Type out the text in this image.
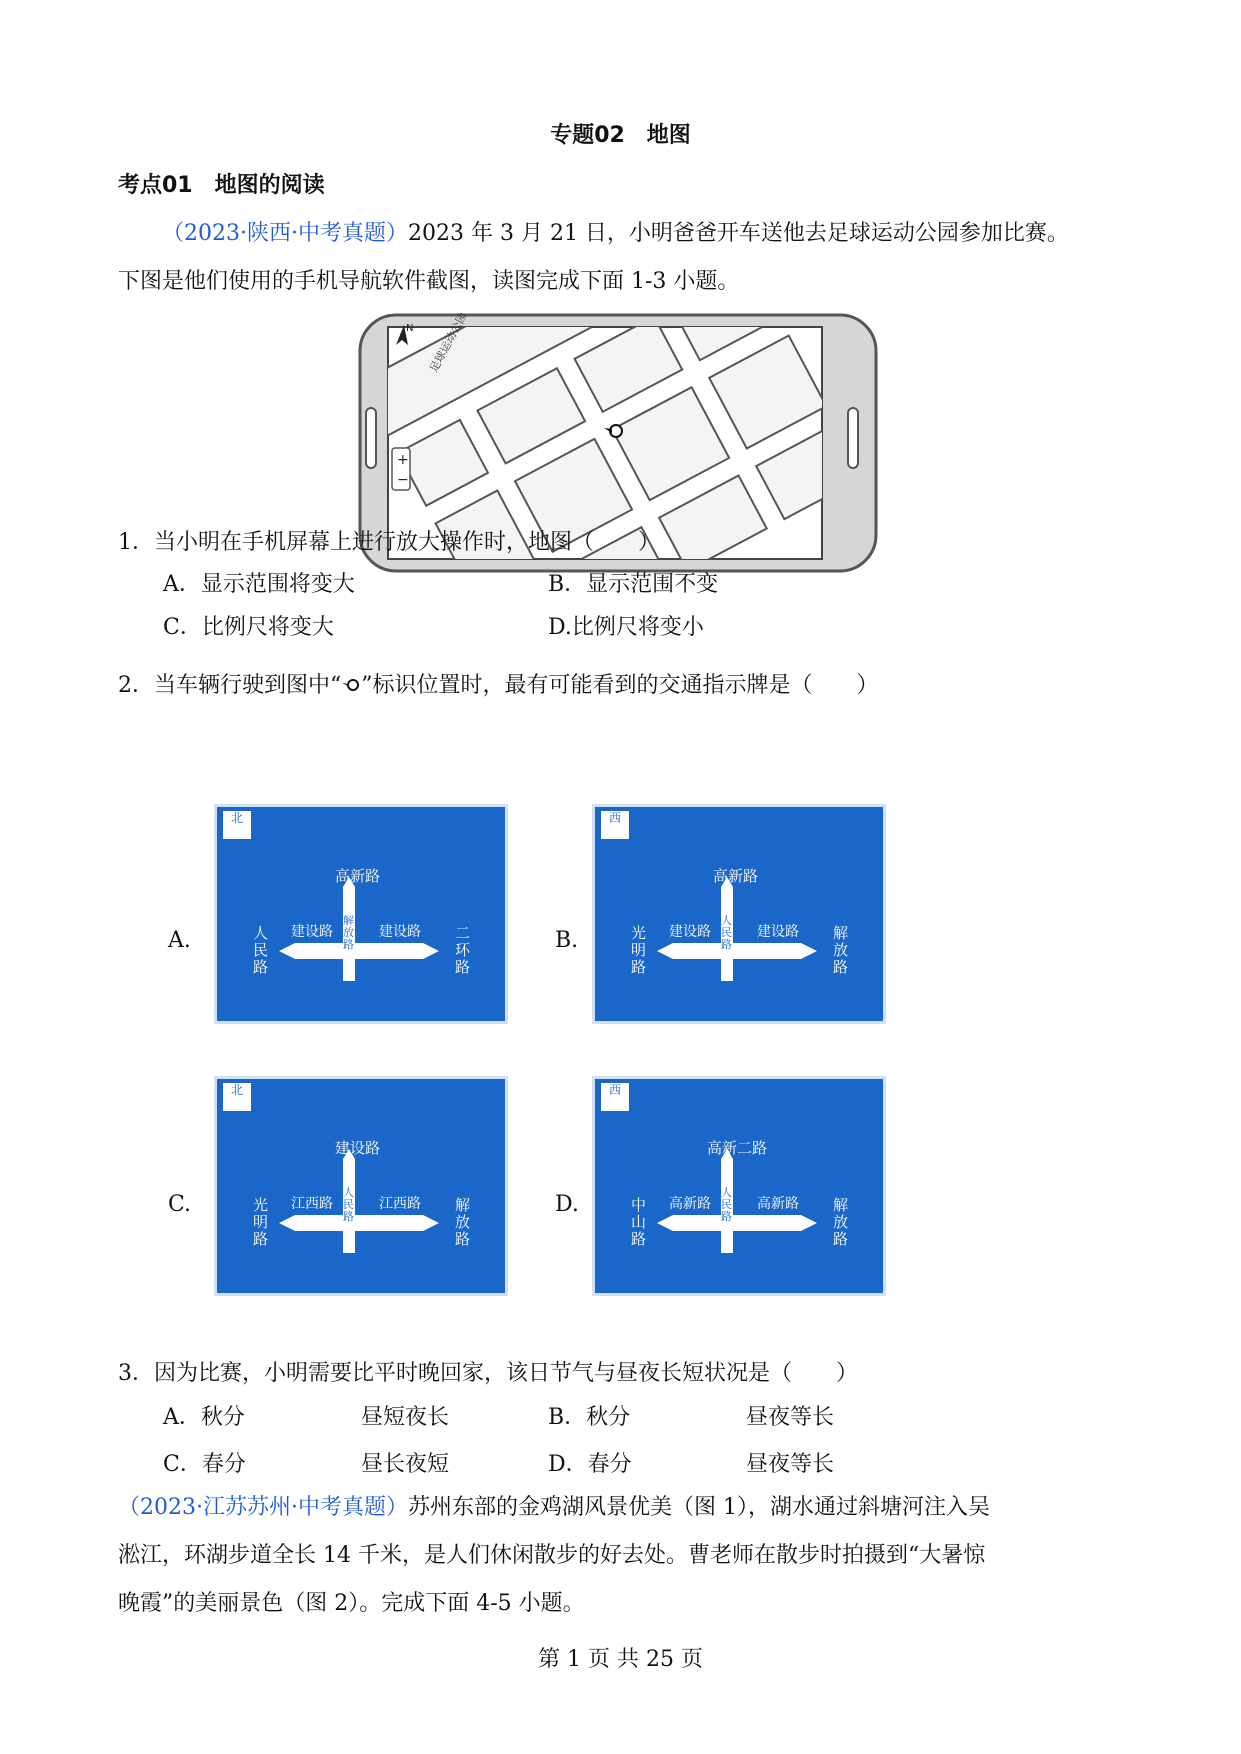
专题02　地图
考点01　地图的阅读
（2023·陕西·中考真题）2023 年 3 月 21 日，小明爸爸开车送他去足球运动公园参加比赛。
下图是他们使用的手机导航软件截图，读图完成下面 1-3 小题。
N
+
−
足球运动公园
1．当小明在手机屏幕上进行放大操作时，地图（　　）
A．显示范围将变大	B．显示范围不变
C．比例尺将变大	D.比例尺将变小
2．当车辆行驶到图中“ ”标识位置时，最有可能看到的交通指示牌是（　　）
A.	B.
C.	D.
北
高新路
建设路	建设路
解放路
人民路
二环路
西
高新路
建设路	建设路
人民路
光明路
解放路
北
建设路
江西路	江西路
人民路
光明路
解放路
西
高新二路
高新路	高新路
人民路
中山路
解放路
3．因为比赛，小明需要比平时晚回家，该日节气与昼夜长短状况是（　　）
A．秋分	昼短夜长	B．秋分	昼夜等长
C．春分	昼长夜短	D．春分	昼夜等长
（2023·江苏苏州·中考真题）苏州东部的金鸡湖风景优美（图 1），湖水通过斜塘河注入吴
淞江，环湖步道全长 14 千米，是人们休闲散步的好去处。曹老师在散步时拍摄到“大暑惊
晚霞”的美丽景色（图 2）。完成下面 4-5 小题。
第 1 页 共 25 页
